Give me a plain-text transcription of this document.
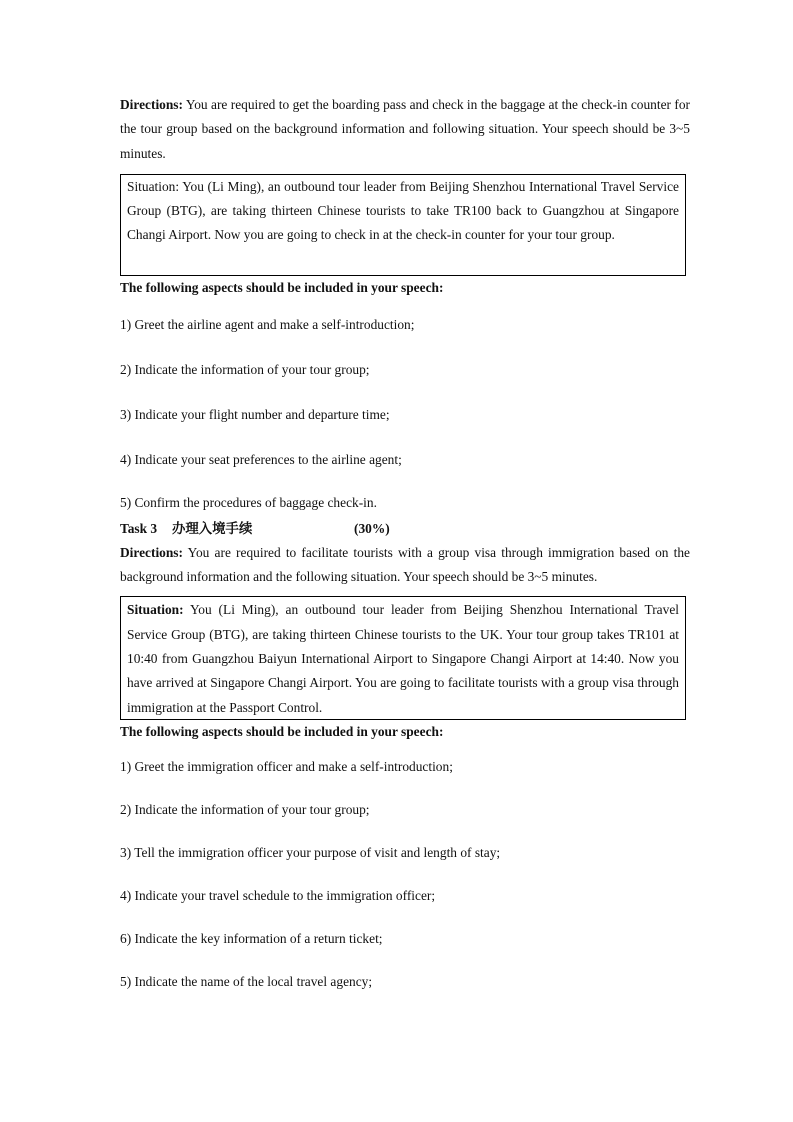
Directions: You are required to get the boarding pass and check in the baggage at the check-in counter for the tour group based on the background information and following situation. Your speech should be 3~5 minutes.

Situation: You (Li Ming), an outbound tour leader from Beijing Shenzhou International Travel Service Group (BTG), are taking thirteen Chinese tourists to take TR100 back to Guangzhou at Singapore Changi Airport. Now you are going to check in at the check-in counter for your tour group.

The following aspects should be included in your speech:

1) Greet the airline agent and make a self-introduction;

2) Indicate the information of your tour group;

3) Indicate your flight number and departure time;

4) Indicate your seat preferences to the airline agent;

5) Confirm the procedures of baggage check-in.

Task 3 办理入境手续	(30%)

Directions: You are required to facilitate tourists with a group visa through immigration based on the background information and the following situation. Your speech should be 3~5 minutes.

Situation: You (Li Ming), an outbound tour leader from Beijing Shenzhou International Travel Service Group (BTG), are taking thirteen Chinese tourists to the UK. Your tour group takes TR101 at 10:40 from Guangzhou Baiyun International Airport to Singapore Changi Airport at 14:40. Now you have arrived at Singapore Changi Airport. You are going to facilitate tourists with a group visa through immigration at the Passport Control.

The following aspects should be included in your speech:

1) Greet the immigration officer and make a self-introduction;

2) Indicate the information of your tour group;

3) Tell the immigration officer your purpose of visit and length of stay;

4) Indicate your travel schedule to the immigration officer;

6) Indicate the key information of a return ticket;

5) Indicate the name of the local travel agency;
